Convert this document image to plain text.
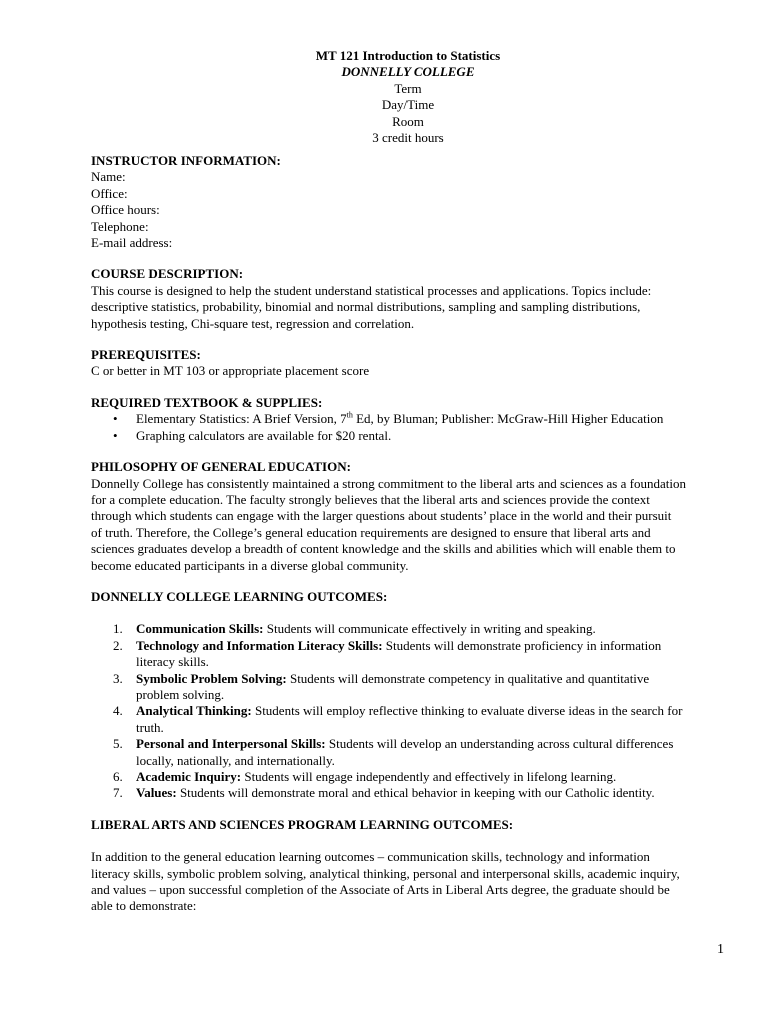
MT 121 Introduction to Statistics
DONNELLY COLLEGE
Term
Day/Time
Room
3 credit hours
INSTRUCTOR INFORMATION:
Name:
Office:
Office hours:
Telephone:
E-mail address:
COURSE DESCRIPTION:
This course is designed to help the student understand statistical processes and applications. Topics include:
descriptive statistics, probability, binomial and normal distributions, sampling and sampling distributions,
hypothesis testing, Chi-square test, regression and correlation.
PREREQUISITES:
C or better in MT 103 or appropriate placement score
REQUIRED TEXTBOOK & SUPPLIES:
• Elementary Statistics: A Brief Version, 7th Ed, by Bluman; Publisher: McGraw-Hill Higher Education
• Graphing calculators are available for $20 rental.
PHILOSOPHY OF GENERAL EDUCATION:
Donnelly College has consistently maintained a strong commitment to the liberal arts and sciences as a foundation
for a complete education. The faculty strongly believes that the liberal arts and sciences provide the context
through which students can engage with the larger questions about students’ place in the world and their pursuit
of truth. Therefore, the College’s general education requirements are designed to ensure that liberal arts and
sciences graduates develop a breadth of content knowledge and the skills and abilities which will enable them to
become educated participants in a diverse global community.
DONNELLY COLLEGE LEARNING OUTCOMES:
1. Communication Skills: Students will communicate effectively in writing and speaking.
2. Technology and Information Literacy Skills: Students will demonstrate proficiency in information
literacy skills.
3. Symbolic Problem Solving: Students will demonstrate competency in qualitative and quantitative
problem solving.
4. Analytical Thinking: Students will employ reflective thinking to evaluate diverse ideas in the search for
truth.
5. Personal and Interpersonal Skills: Students will develop an understanding across cultural differences
locally, nationally, and internationally.
6. Academic Inquiry: Students will engage independently and effectively in lifelong learning.
7. Values: Students will demonstrate moral and ethical behavior in keeping with our Catholic identity.
LIBERAL ARTS AND SCIENCES PROGRAM LEARNING OUTCOMES:
In addition to the general education learning outcomes – communication skills, technology and information
literacy skills, symbolic problem solving, analytical thinking, personal and interpersonal skills, academic inquiry,
and values – upon successful completion of the Associate of Arts in Liberal Arts degree, the graduate should be
able to demonstrate:
1
